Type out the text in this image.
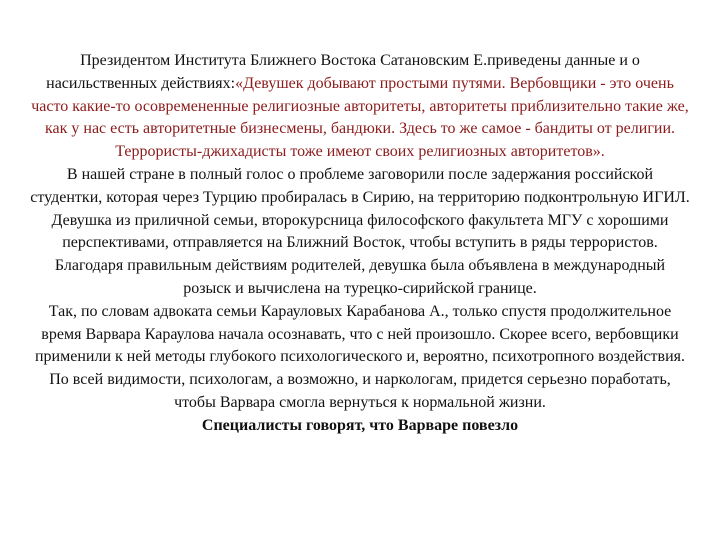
Президентом Института Ближнего Востока Сатановским Е.приведены данные и о насильственных действиях:«Девушек добывают простыми путями. Вербовщики - это очень часто какие-то осовремененные религиозные авторитеты, авторитеты приблизительно такие же, как у нас есть авторитетные бизнесмены, бандюки. Здесь то же самое - бандиты от религии. Террористы-джихадисты тоже имеют своих религиозных авторитетов».

В нашей стране в полный голос о проблеме заговорили после задержания российской студентки, которая через Турцию пробиралась в Сирию, на территорию подконтрольную ИГИЛ. Девушка из приличной семьи, второкурсница философского факультета МГУ с хорошими перспективами, отправляется на Ближний Восток, чтобы вступить в ряды террористов. Благодаря правильным действиям родителей, девушка была объявлена в международный розыск и вычислена на турецко-сирийской границе.

Так, по словам адвоката семьи Карауловых Карабанова А., только спустя продолжительное время Варвара Караулова начала осознавать, что с ней произошло. Скорее всего, вербовщики применили к ней методы глубокого психологического и, вероятно, психотропного воздействия. По всей видимости, психологам, а возможно, и наркологам, придется серьезно поработать, чтобы Варвара смогла вернуться к нормальной жизни.

Специалисты говорят, что Варваре повезло
